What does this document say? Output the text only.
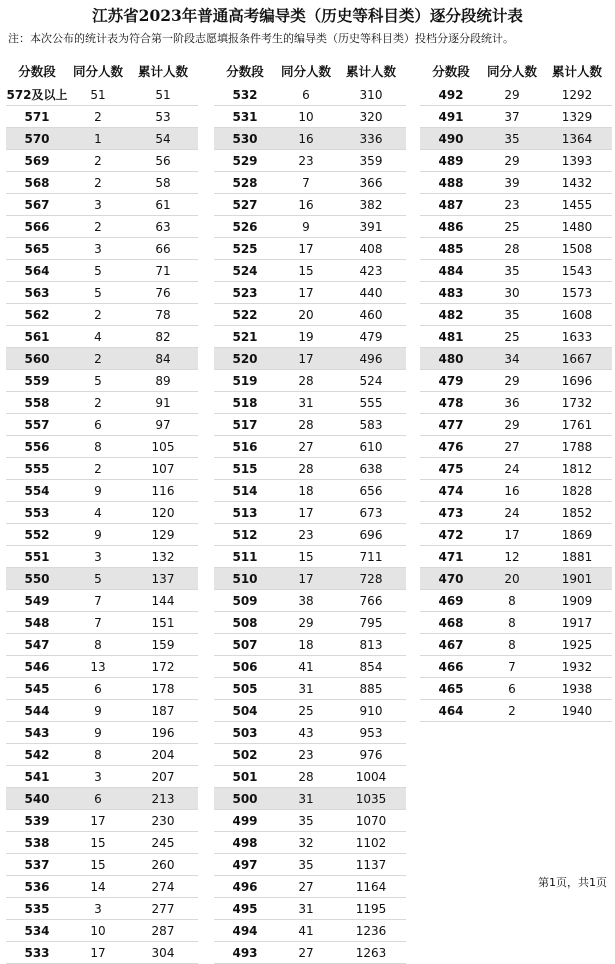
江苏省2023年普通高考编导类（历史等科目类）逐分段统计表
注：本次公布的统计表为符合第一阶段志愿填报条件考生的编导类（历史等科目类）投档分逐分段统计。
分数段	同分人数	累计人数
572及以上	51	51
571	2	53
570	1	54
569	2	56
568	2	58
567	3	61
566	2	63
565	3	66
564	5	71
563	5	76
562	2	78
561	4	82
560	2	84
559	5	89
558	2	91
557	6	97
556	8	105
555	2	107
554	9	116
553	4	120
552	9	129
551	3	132
550	5	137
549	7	144
548	7	151
547	8	159
546	13	172
545	6	178
544	9	187
543	9	196
542	8	204
541	3	207
540	6	213
539	17	230
538	15	245
537	15	260
536	14	274
535	3	277
534	10	287
533	17	304
分数段	同分人数	累计人数
532	6	310
531	10	320
530	16	336
529	23	359
528	7	366
527	16	382
526	9	391
525	17	408
524	15	423
523	17	440
522	20	460
521	19	479
520	17	496
519	28	524
518	31	555
517	28	583
516	27	610
515	28	638
514	18	656
513	17	673
512	23	696
511	15	711
510	17	728
509	38	766
508	29	795
507	18	813
506	41	854
505	31	885
504	25	910
503	43	953
502	23	976
501	28	1004
500	31	1035
499	35	1070
498	32	1102
497	35	1137
496	27	1164
495	31	1195
494	41	1236
493	27	1263
分数段	同分人数	累计人数
492	29	1292
491	37	1329
490	35	1364
489	29	1393
488	39	1432
487	23	1455
486	25	1480
485	28	1508
484	35	1543
483	30	1573
482	35	1608
481	25	1633
480	34	1667
479	29	1696
478	36	1732
477	29	1761
476	27	1788
475	24	1812
474	16	1828
473	24	1852
472	17	1869
471	12	1881
470	20	1901
469	8	1909
468	8	1917
467	8	1925
466	7	1932
465	6	1938
464	2	1940
第1页，共1页
